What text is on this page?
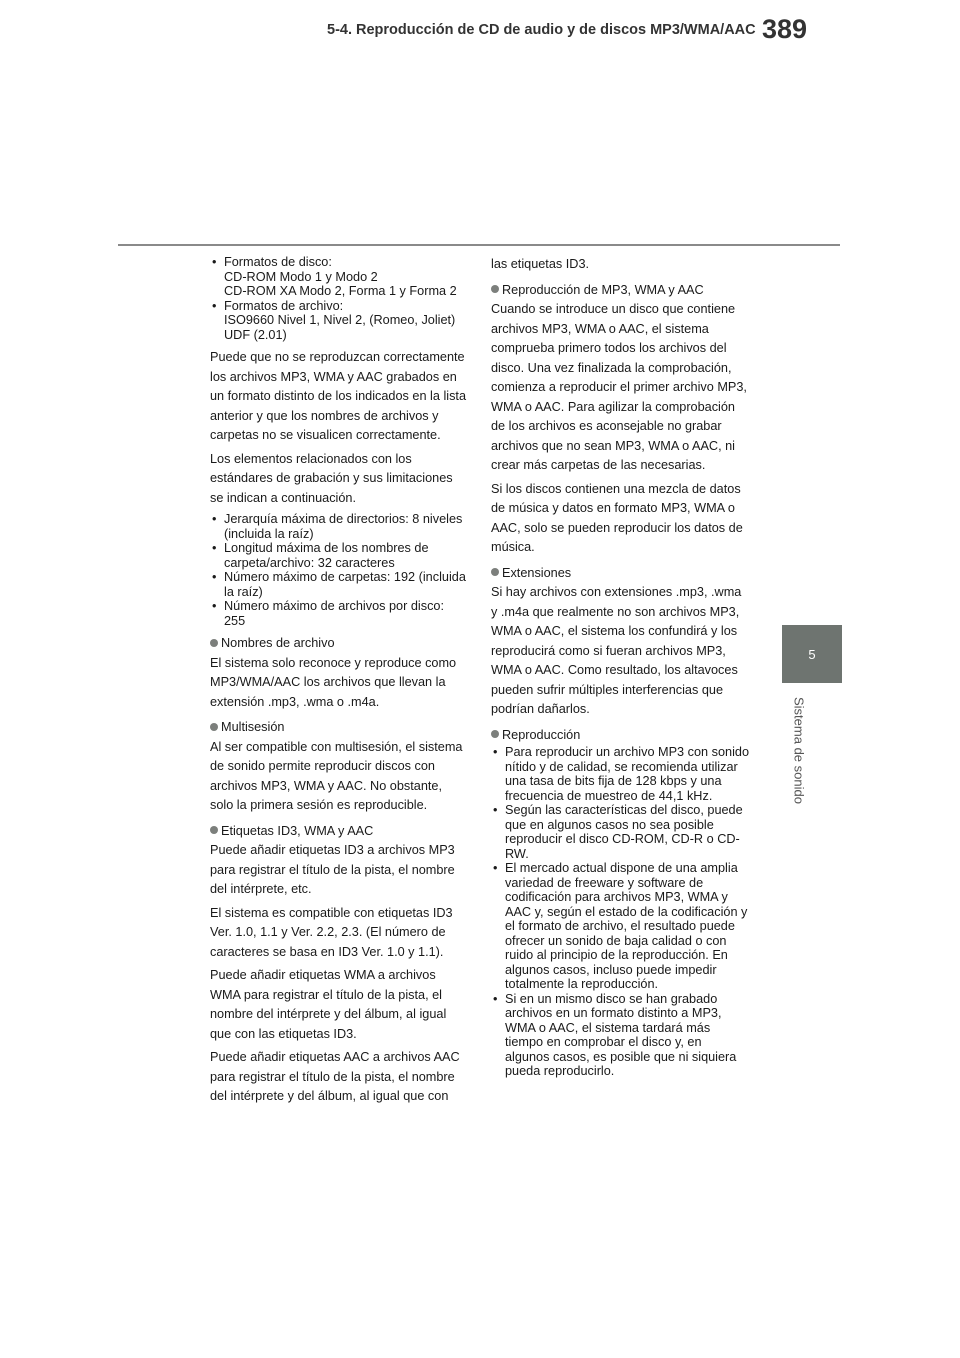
5-4. Reproducción de CD de audio y de discos MP3/WMA/AAC 389
5
Sistema de sonido
• Formatos de disco:
CD-ROM Modo 1 y Modo 2
CD-ROM XA Modo 2, Forma 1 y Forma 2
• Formatos de archivo:
ISO9660 Nivel 1, Nivel 2, (Romeo, Joliet)
UDF (2.01)

Puede que no se reproduzcan correctamente los archivos MP3, WMA y AAC grabados en un formato distinto de los indicados en la lista anterior y que los nombres de archivos y carpetas no se visualicen correctamente.

Los elementos relacionados con los estándares de grabación y sus limitaciones se indican a continuación.

• Jerarquía máxima de directorios: 8 niveles (incluida la raíz)
• Longitud máxima de los nombres de carpeta/archivo: 32 caracteres
• Número máximo de carpetas: 192 (incluida la raíz)
• Número máximo de archivos por disco: 255

Nombres de archivo

El sistema solo reconoce y reproduce como MP3/WMA/AAC los archivos que llevan la extensión .mp3, .wma o .m4a.

Multisesión

Al ser compatible con multisesión, el sistema de sonido permite reproducir discos con archivos MP3, WMA y AAC. No obstante, solo la primera sesión es reproducible.

Etiquetas ID3, WMA y AAC

Puede añadir etiquetas ID3 a archivos MP3 para registrar el título de la pista, el nombre del intérprete, etc.

El sistema es compatible con etiquetas ID3 Ver. 1.0, 1.1 y Ver. 2.2, 2.3. (El número de caracteres se basa en ID3 Ver. 1.0 y 1.1).

Puede añadir etiquetas WMA a archivos WMA para registrar el título de la pista, el nombre del intérprete y del álbum, al igual que con las etiquetas ID3.

Puede añadir etiquetas AAC a archivos AAC para registrar el título de la pista, el nombre del intérprete y del álbum, al igual que con

las etiquetas ID3.

Reproducción de MP3, WMA y AAC

Cuando se introduce un disco que contiene archivos MP3, WMA o AAC, el sistema comprueba primero todos los archivos del disco. Una vez finalizada la comprobación, comienza a reproducir el primer archivo MP3, WMA o AAC. Para agilizar la comprobación de los archivos es aconsejable no grabar archivos que no sean MP3, WMA o AAC, ni crear más carpetas de las necesarias.

Si los discos contienen una mezcla de datos de música y datos en formato MP3, WMA o AAC, solo se pueden reproducir los datos de música.

Extensiones

Si hay archivos con extensiones .mp3, .wma y .m4a que realmente no son archivos MP3, WMA o AAC, el sistema los confundirá y los reproducirá como si fueran archivos MP3, WMA o AAC. Como resultado, los altavoces pueden sufrir múltiples interferencias que podrían dañarlos.

Reproducción

• Para reproducir un archivo MP3 con sonido nítido y de calidad, se recomienda utilizar una tasa de bits fija de 128 kbps y una frecuencia de muestreo de 44,1 kHz.
• Según las características del disco, puede que en algunos casos no sea posible reproducir el disco CD-ROM, CD-R o CD-RW.
• El mercado actual dispone de una amplia variedad de freeware y software de codificación para archivos MP3, WMA y AAC y, según el estado de la codificación y el formato de archivo, el resultado puede ofrecer un sonido de baja calidad o con ruido al principio de la reproducción. En algunos casos, incluso puede impedir totalmente la reproducción.
• Si en un mismo disco se han grabado archivos en un formato distinto a MP3, WMA o AAC, el sistema tardará más tiempo en comprobar el disco y, en algunos casos, es posible que ni siquiera pueda reproducirlo.
